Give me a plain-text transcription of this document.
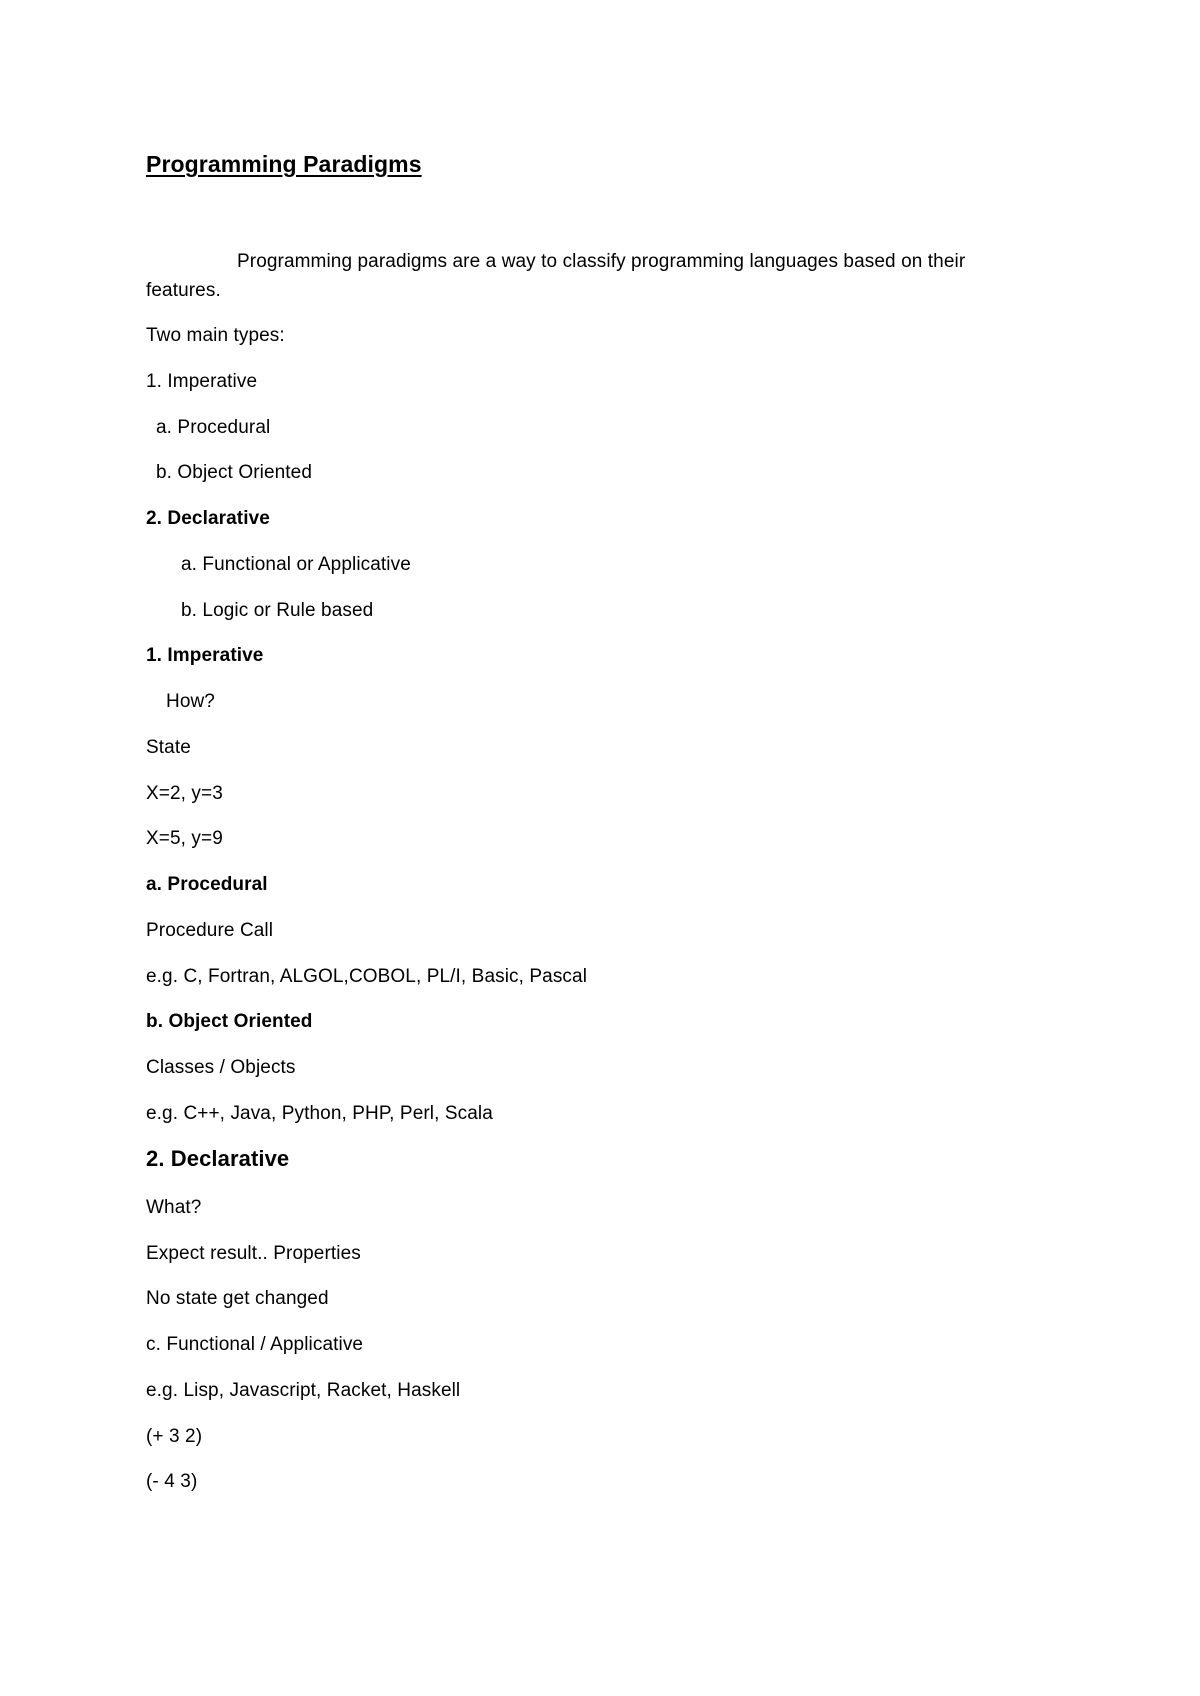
Programming Paradigms
Programming paradigms are a way to classify programming languages based on their
features.
Two main types:
1. Imperative
a. Procedural
b. Object Oriented
2. Declarative
a. Functional or Applicative
b. Logic or Rule based
1. Imperative
How?
State
X=2, y=3
X=5, y=9
a. Procedural
Procedure Call
e.g. C, Fortran, ALGOL,COBOL, PL/I, Basic, Pascal
b. Object Oriented
Classes / Objects
e.g. C++, Java, Python, PHP, Perl, Scala
2. Declarative
What?
Expect result.. Properties
No state get changed
c. Functional / Applicative
e.g. Lisp, Javascript, Racket, Haskell
(+ 3 2)
(- 4 3)
